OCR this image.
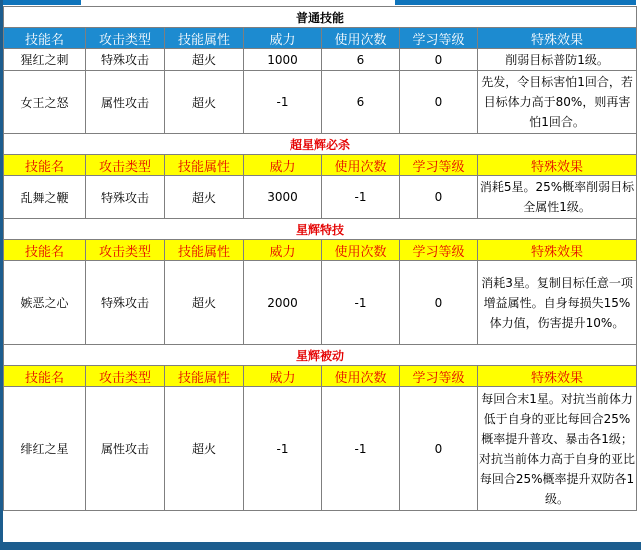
普通技能						
技能名	攻击类型	技能属性	威力	使用次数	学习等级	特殊效果
猩红之刺	特殊攻击	超火	1000	6	0	削弱目标普防1级。
女王之怒	属性攻击	超火	-1	6	0	先发，令目标害怕1回合，若目标体力高于80%，则再害怕1回合。
超星辉必杀						
技能名	攻击类型	技能属性	威力	使用次数	学习等级	特殊效果
乱舞之鞭	特殊攻击	超火	3000	-1	0	消耗5星。25%概率削弱目标全属性1级。
星辉特技						
技能名	攻击类型	技能属性	威力	使用次数	学习等级	特殊效果
嫉恶之心	特殊攻击	超火	2000	-1	0	消耗3星。复制目标任意一项增益属性。自身每损失15%体力值，伤害提升10%。
星辉被动						
技能名	攻击类型	技能属性	威力	使用次数	学习等级	特殊效果
绯红之星	属性攻击	超火	-1	-1	0	每回合末1星。对抗当前体力低于自身的亚比每回合25%概率提升普攻、暴击各1级；对抗当前体力高于自身的亚比每回合25%概率提升双防各1级。
